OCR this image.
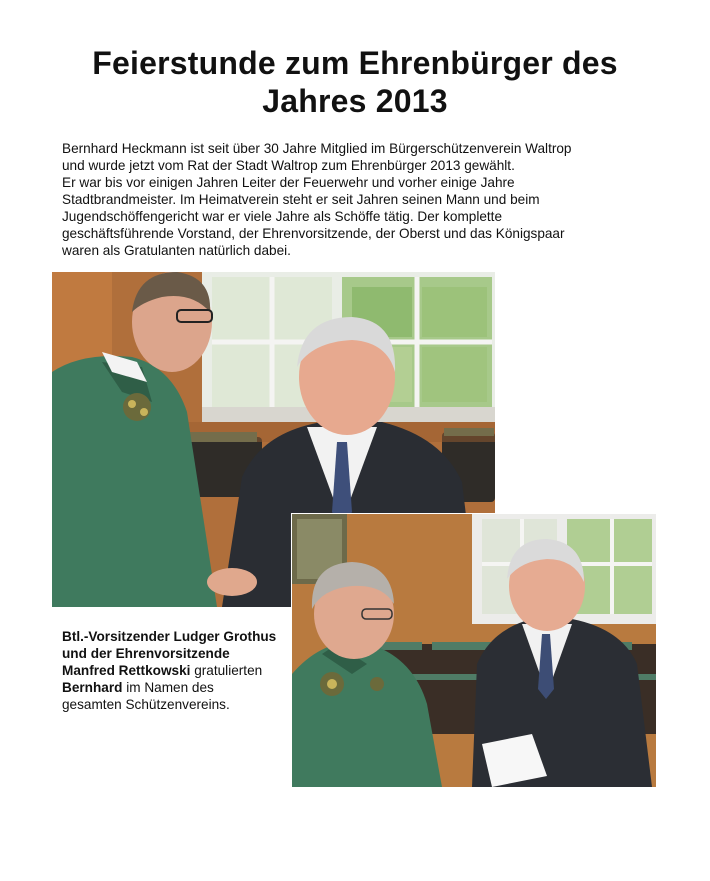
Feierstunde zum Ehrenbürger des
Jahres 2013

Bernhard Heckmann ist seit über 30 Jahre Mitglied im Bürgerschützenverein Waltrop

und wurde jetzt vom Rat der Stadt Waltrop zum Ehrenbürger 2013 gewählt.

Er war bis vor einigen Jahren Leiter der Feuerwehr und vorher einige Jahre

Stadtbrandmeister. Im Heimatverein steht er seit Jahren seinen Mann und beim

Jugendschöffengericht war er viele Jahre als Schöffe tätig. Der komplette

geschäftsführende Vorstand, der Ehrenvorsitzende, der Oberst und das Königspaar

waren als Gratulanten natürlich dabei.

Btl.-Vorsitzender Ludger Grothus und der Ehrenvorsitzende Manfred Rettkowski gratulierten Bernhard im Namen des gesamten Schützenvereins.
